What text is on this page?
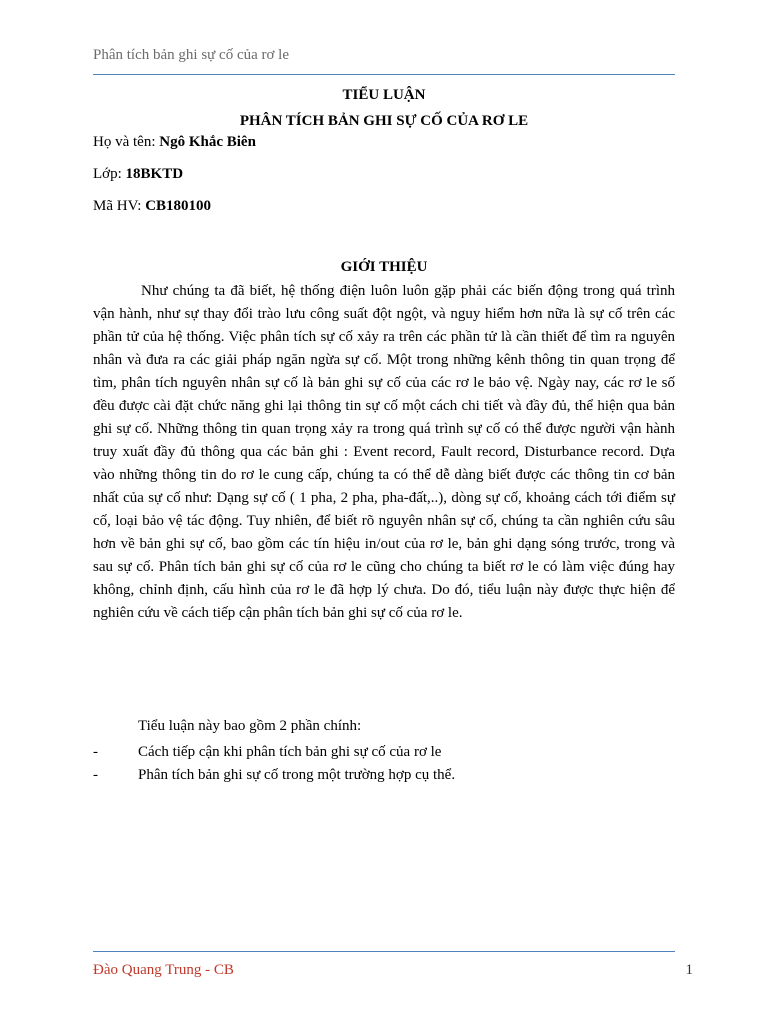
Phân tích bản ghi sự cố của rơ le
TIỂU LUẬN
PHÂN TÍCH BẢN GHI SỰ CỐ CỦA RƠ LE
Họ và tên: Ngô Khắc Biên
Lớp: 18BKTD
Mã HV: CB180100
GIỚI THIỆU

Như chúng ta đã biết, hệ thống điện luôn luôn gặp phải các biến động trong quá trình vận hành, như sự thay đổi trào lưu công suất đột ngột, và nguy hiểm hơn nữa là sự cố trên các phần tử của hệ thống. Việc phân tích sự cố xảy ra trên các phần tử là cần thiết để tìm ra nguyên nhân và đưa ra các giải pháp ngăn ngừa sự cố. Một trong những kênh thông tin quan trọng để tìm, phân tích nguyên nhân sự cố là bản ghi sự cố của các rơ le bảo vệ. Ngày nay, các rơ le số đều được cài đặt chức năng ghi lại thông tin sự cố một cách chi tiết và đầy đủ, thể hiện qua bản ghi sự cố. Những thông tin quan trọng xảy ra trong quá trình sự cố có thể được người vận hành truy xuất đầy đủ thông qua các bản ghi : Event record, Fault record, Disturbance record. Dựa vào những thông tin do rơ le cung cấp, chúng ta có thể dễ dàng biết được các thông tin cơ bản nhất của sự cố như: Dạng sự cố ( 1 pha, 2 pha, pha-đất,..), dòng sự cố, khoảng cách tới điểm sự cố, loại bảo vệ tác động. Tuy nhiên, để biết rõ nguyên nhân sự cố, chúng ta cần nghiên cứu sâu hơn về bản ghi sự cố, bao gồm các tín hiệu in/out của rơ le, bản ghi dạng sóng trước, trong và sau sự cố. Phân tích bản ghi sự cố của rơ le cũng cho chúng ta biết rơ le có làm việc đúng hay không, chỉnh định, cấu hình của rơ le đã hợp lý chưa. Do đó, tiểu luận này được thực hiện để nghiên cứu về cách tiếp cận phân tích bản ghi sự cố của rơ le.

Tiểu luận này bao gồm 2 phần chính:
-	Cách tiếp cận khi phân tích bản ghi sự cố của rơ le
-	Phân tích bản ghi sự cố trong một trường hợp cụ thể.
Đào Quang Trung - CB	1
